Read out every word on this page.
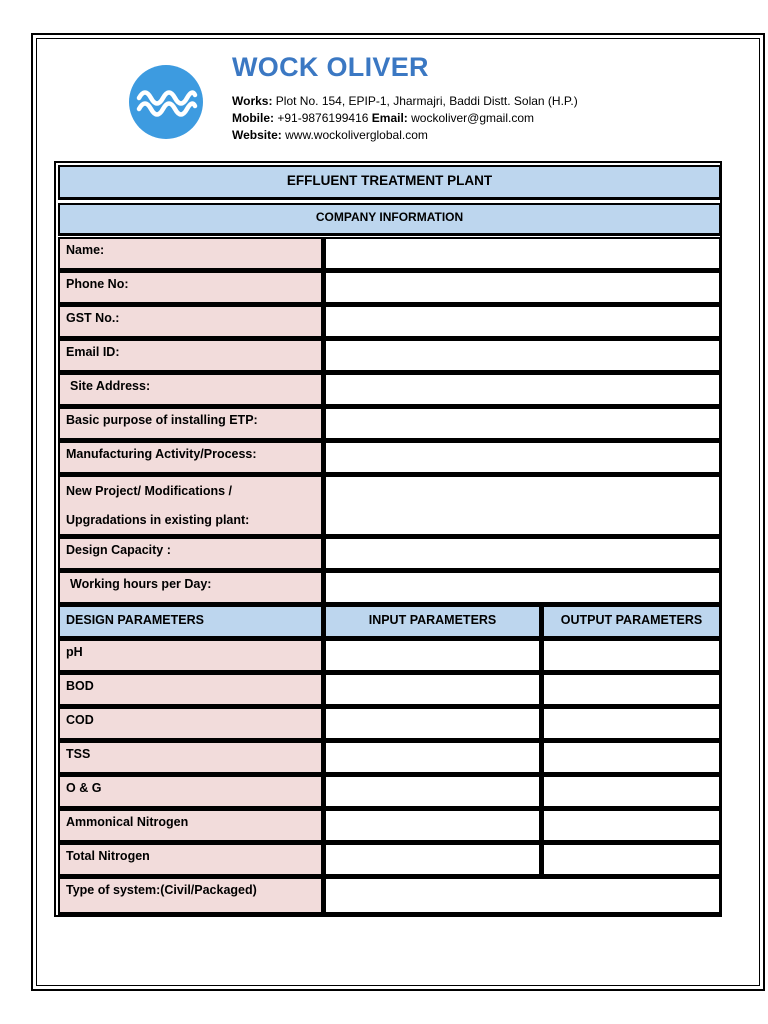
WOCK OLIVER
Works: Plot No. 154, EPIP-1, Jharmajri, Baddi Distt. Solan (H.P.)
Mobile: +91-9876199416 Email: wockoliver@gmail.com
Website: www.wockoliverglobal.com
EFFLUENT TREATMENT PLANT
COMPANY INFORMATION
Name:
Phone No:
GST No.:
Email ID:
Site Address:
Basic purpose of installing ETP:
Manufacturing Activity/Process:
New Project/ Modifications /
Upgradations in existing plant:
Design Capacity :
Working hours per Day:
DESIGN PARAMETERS	INPUT PARAMETERS	OUTPUT PARAMETERS
pH
BOD
COD
TSS
O & G
Ammonical Nitrogen
Total Nitrogen
Type of system:(Civil/Packaged)
